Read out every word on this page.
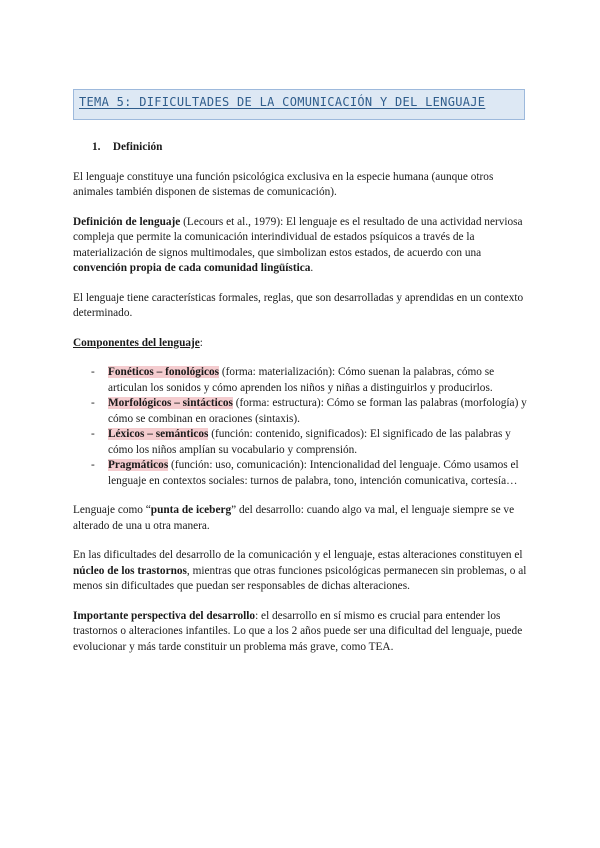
TEMA 5: DIFICULTADES DE LA COMUNICACIÓN Y DEL LENGUAJE
1. Definición

El lenguaje constituye una función psicológica exclusiva en la especie humana (aunque otros animales también disponen de sistemas de comunicación).

Definición de lenguaje (Lecours et al., 1979): El lenguaje es el resultado de una actividad nerviosa compleja que permite la comunicación interindividual de estados psíquicos a través de la materialización de signos multimodales, que simbolizan estos estados, de acuerdo con una convención propia de cada comunidad lingüística.

El lenguaje tiene características formales, reglas, que son desarrolladas y aprendidas en un contexto determinado.

Componentes del lenguaje:

- Fonéticos – fonológicos (forma: materialización): Cómo suenan la palabras, cómo se articulan los sonidos y cómo aprenden los niños y niñas a distinguirlos y producirlos.
- Morfológicos – sintácticos (forma: estructura): Cómo se forman las palabras (morfología) y cómo se combinan en oraciones (sintaxis).
- Léxicos – semánticos (función: contenido, significados): El significado de las palabras y cómo los niños amplían su vocabulario y comprensión.
- Pragmáticos (función: uso, comunicación): Intencionalidad del lenguaje. Cómo usamos el lenguaje en contextos sociales: turnos de palabra, tono, intención comunicativa, cortesía…

Lenguaje como “punta de iceberg” del desarrollo: cuando algo va mal, el lenguaje siempre se ve alterado de una u otra manera.

En las dificultades del desarrollo de la comunicación y el lenguaje, estas alteraciones constituyen el núcleo de los trastornos, mientras que otras funciones psicológicas permanecen sin problemas, o al menos sin dificultades que puedan ser responsables de dichas alteraciones.

Importante perspectiva del desarrollo: el desarrollo en sí mismo es crucial para entender los trastornos o alteraciones infantiles. Lo que a los 2 años puede ser una dificultad del lenguaje, puede evolucionar y más tarde constituir un problema más grave, como TEA.
